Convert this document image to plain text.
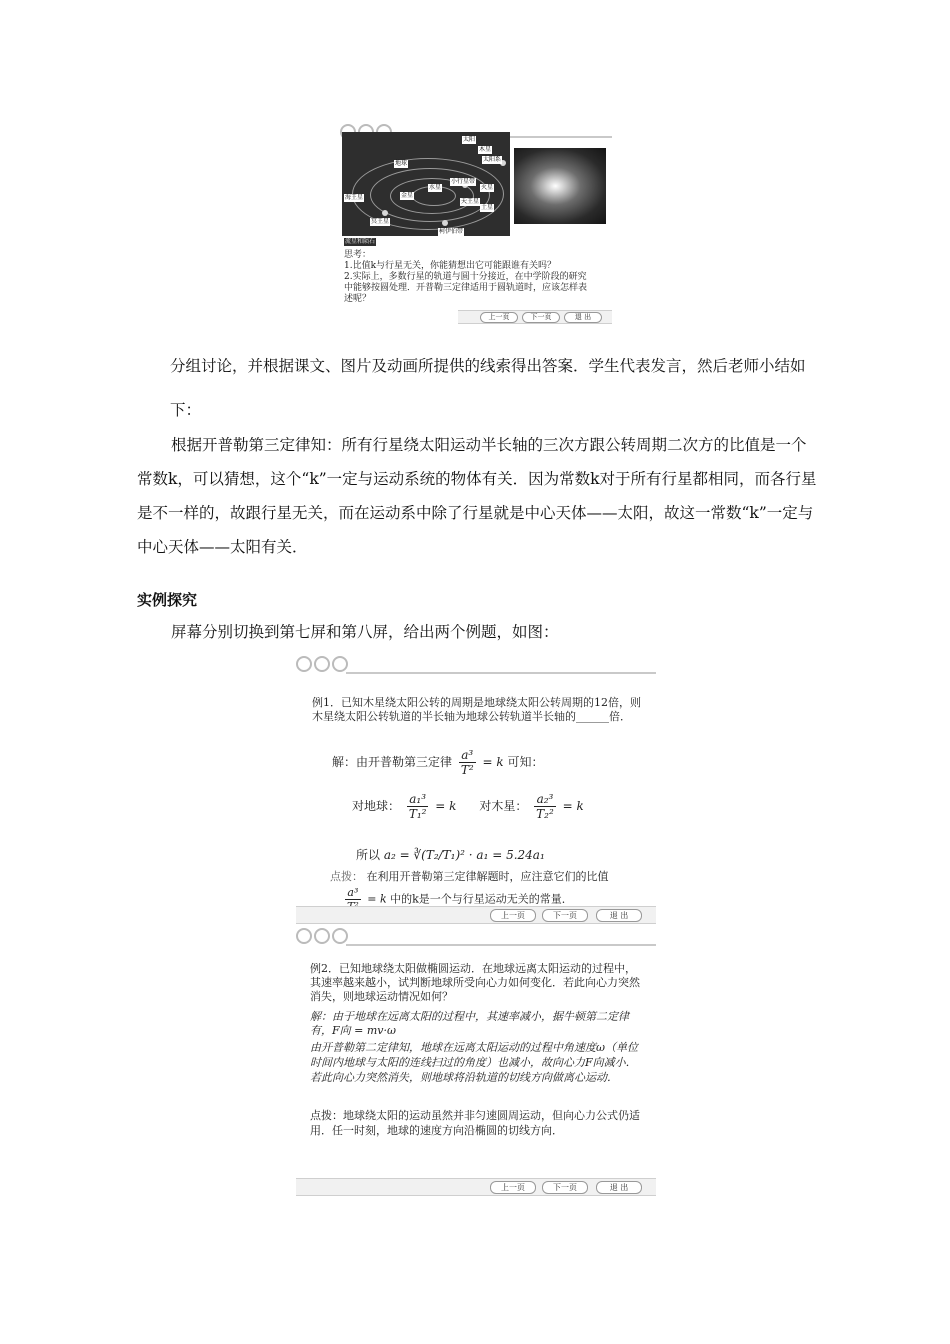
太阳
木星
太阳系
地球
小行星带
水星
金星
火星
海王星
天王星
土星
冥王星
柯伊伯带
流星和陨石
思考：
1.比值k与行星无关，你能猜想出它可能跟谁有关吗？
2.实际上，多数行星的轨道与圆十分接近，在中学阶段的研究中能够按圆处理．开普勒三定律适用于圆轨道时，应该怎样表述呢？
上一页	下一页	退 出
分组讨论，并根据课文、图片及动画所提供的线索得出答案．学生代表发言，然后老师小结如下：
根据开普勒第三定律知：所有行星绕太阳运动半长轴的三次方跟公转周期二次方的比值是一个常数k，可以猜想，这个“k”一定与运动系统的物体有关．因为常数k对于所有行星都相同，而各行星是不一样的，故跟行星无关，而在运动系中除了行星就是中心天体——太阳，故这一常数“k”一定与中心天体——太阳有关．
实例探究
屏幕分别切换到第七屏和第八屏，给出两个例题，如图：
例1．已知木星绕太阳公转的周期是地球绕太阳公转周期的12倍，则木星绕太阳公转轨道的半长轴为地球公转轨道半长轴的______倍．
解：由开普勒第三定律 $\frac{\text{a³}}{\text{T²}} = k$ 可知：
对地球： $\frac{\text{a₁³}}{\text{T₁²}} = k$      对木星： $\frac{\text{a₂³}}{\text{T₂²}} = k$
所以 a₂ = ∛(T₂/T₁)² · a₁ = 5.24a₁
点拨： 在利用开普勒第三定律解题时，应注意它们的比值
a³ = k 中的k是一个与行星运动无关的常量．
上一页	下一页	退 出
例2．已知地球绕太阳做椭圆运动．在地球远离太阳运动的过程中，其速率越来越小，试判断地球所受向心力如何变化．若此向心力突然消失，则地球运动情况如何？
解：由于地球在远离太阳的过程中，其速率减小，据牛顿第二定律有，F向 = mv·ω
由开普勒第二定律知，地球在远离太阳运动的过程中角速度ω（单位时间内地球与太阳的连线扫过的角度）也减小，故向心力F向减小．若此向心力突然消失，则地球将沿轨道的切线方向做离心运动．
点拨：地球绕太阳的运动虽然并非匀速圆周运动，但向心力公式仍适用．任一时刻，地球的速度方向沿椭圆的切线方向．
上一页	下一页	退 出
